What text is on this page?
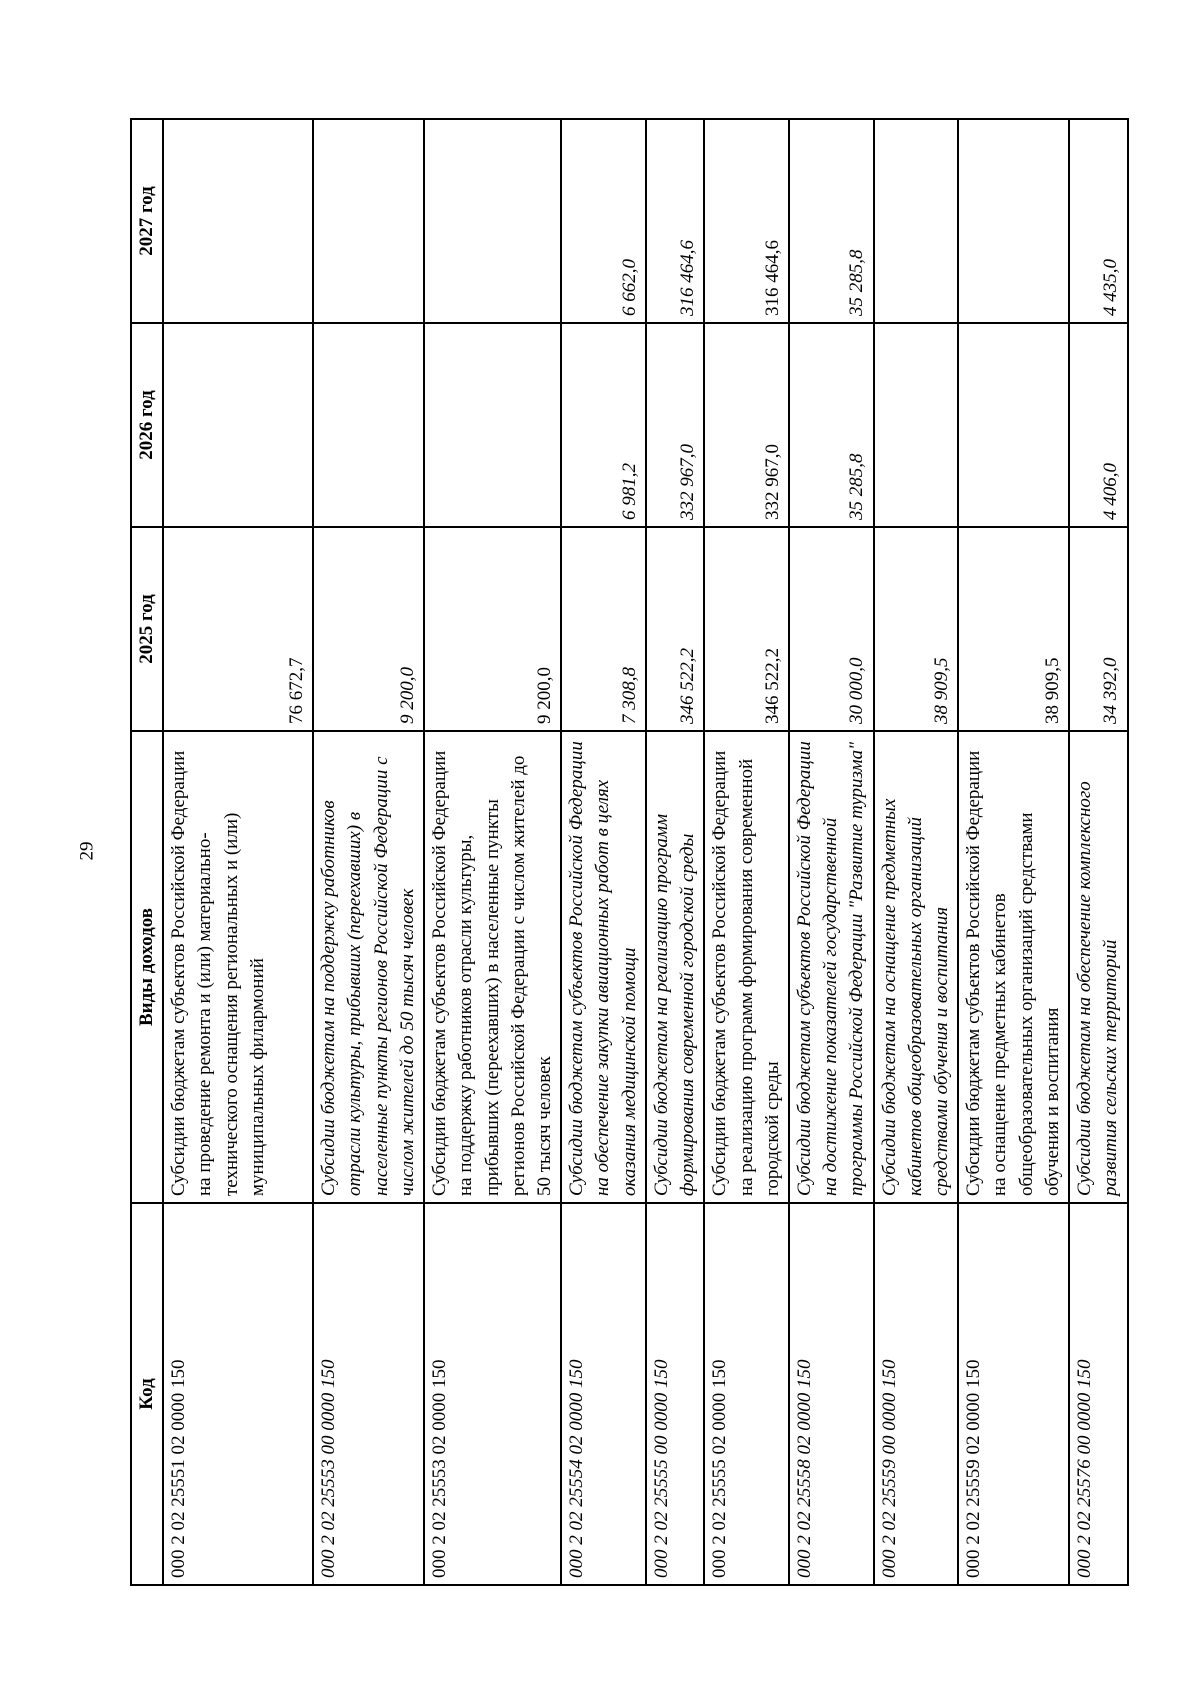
29
Код	Виды доходов	2025 год	2026 год	2027 год
000 2 02 25551 02 0000 150	Субсидии бюджетам субъектов Российской Федерации на проведение ремонта и (или) материально-технического оснащения региональных и (или) муниципальных филармоний	76 672,7		
000 2 02 25553 00 0000 150	Субсидии бюджетам на поддержку работников отрасли культуры, прибывших (переехавших) в населенные пункты регионов Российской Федерации с числом жителей до 50 тысяч человек	9 200,0		
000 2 02 25553 02 0000 150	Субсидии бюджетам субъектов Российской Федерации на поддержку работников отрасли культуры, прибывших (переехавших) в населенные пункты регионов Российской Федерации с числом жителей до 50 тысяч человек	9 200,0		
000 2 02 25554 02 0000 150	Субсидии бюджетам субъектов Российской Федерации на обеспечение закупки авиационных работ в целях оказания медицинской помощи	7 308,8	6 981,2	6 662,0
000 2 02 25555 00 0000 150	Субсидии бюджетам на реализацию программ формирования современной городской среды	346 522,2	332 967,0	316 464,6
000 2 02 25555 02 0000 150	Субсидии бюджетам субъектов Российской Федерации на реализацию программ формирования современной городской среды	346 522,2	332 967,0	316 464,6
000 2 02 25558 02 0000 150	Субсидии бюджетам субъектов Российской Федерации на достижение показателей государственной программы Российской Федерации "Развитие туризма"	30 000,0	35 285,8	35 285,8
000 2 02 25559 00 0000 150	Субсидии бюджетам на оснащение предметных кабинетов общеобразовательных организаций средствами обучения и воспитания	38 909,5		
000 2 02 25559 02 0000 150	Субсидии бюджетам субъектов Российской Федерации на оснащение предметных кабинетов общеобразовательных организаций средствами обучения и воспитания	38 909,5		
000 2 02 25576 00 0000 150	Субсидии бюджетам на обеспечение комплексного развития сельских территорий	34 392,0	4 406,0	4 435,0
